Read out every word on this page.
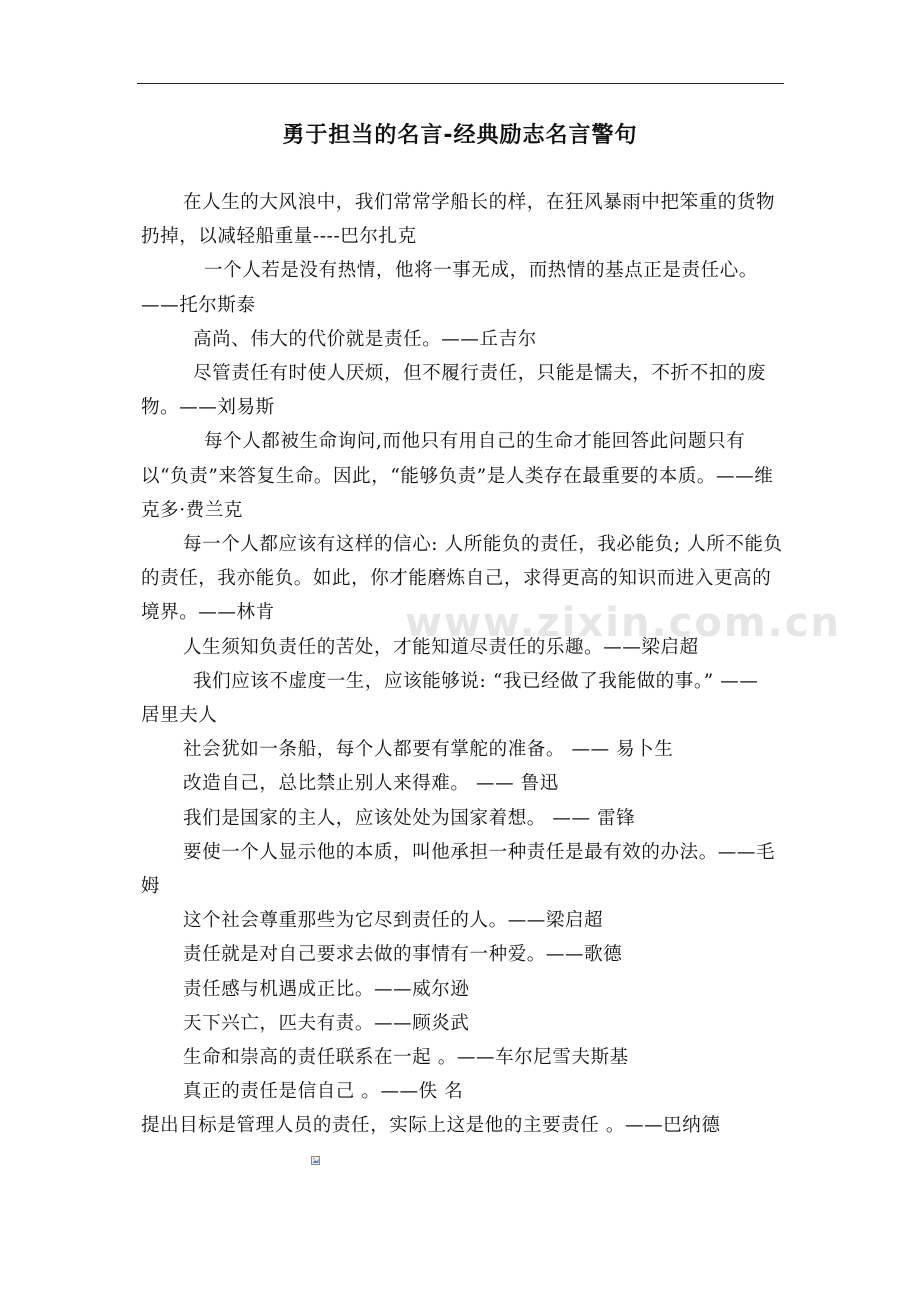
勇于担当的名言-经典励志名言警句
www.zixin.com.cn

在人生的大风浪中，我们常常学船长的样，在狂风暴雨中把笨重的货物扔掉，以减轻船重量----巴尔扎克

一个人若是没有热情，他将一事无成，而热情的基点正是责任心。——托尔斯泰

高尚、伟大的代价就是责任。——丘吉尔

尽管责任有时使人厌烦，但不履行责任，只能是懦夫，不折不扣的废物。——刘易斯

每个人都被生命询问,而他只有用自己的生命才能回答此问题只有以“负责”来答复生命。因此，“能够负责”是人类存在最重要的本质。——维克多·费兰克

每一个人都应该有这样的信心: 人所能负的责任，我必能负; 人所不能负的责任，我亦能负。如此，你才能磨炼自己，求得更高的知识而进入更高的境界。——林肯

人生须知负责任的苦处，才能知道尽责任的乐趣。——梁启超

我们应该不虚度一生，应该能够说: “我已经做了我能做的事。” —— 居里夫人

社会犹如一条船，每个人都要有掌舵的准备。 —— 易卜生

改造自己，总比禁止别人来得难。 —— 鲁迅

我们是国家的主人，应该处处为国家着想。 —— 雷锋

要使一个人显示他的本质，叫他承担一种责任是最有效的办法。——毛姆

这个社会尊重那些为它尽到责任的人。——梁启超

责任就是对自己要求去做的事情有一种爱。——歌德

责任感与机遇成正比。——威尔逊

天下兴亡，匹夫有责。——顾炎武

生命和崇高的责任联系在一起 。——车尔尼雪夫斯基

真正的责任是信自己 。——佚 名

提出目标是管理人员的责任，实际上这是他的主要责任 。——巴纳德
